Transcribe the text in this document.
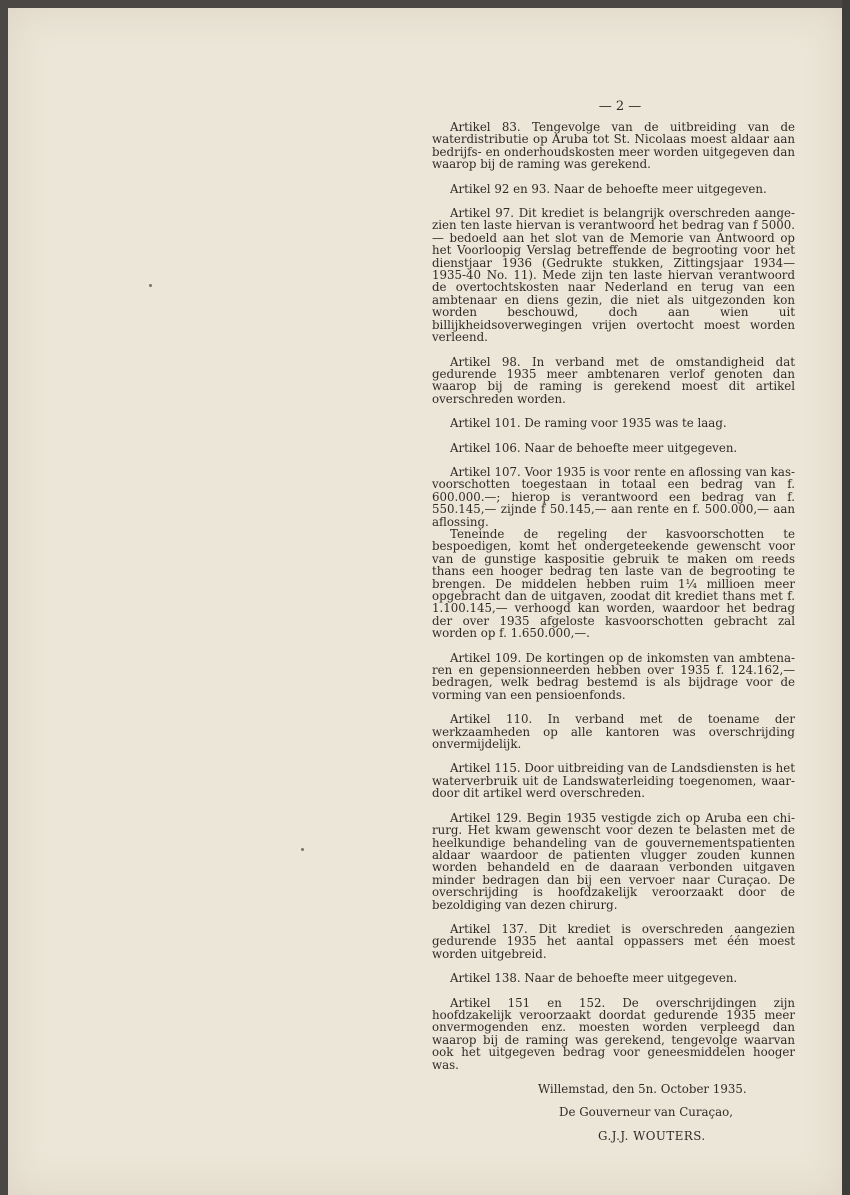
— 2 —

Artikel 83. Tengevolge van de uitbreiding van de waterdistributie op Aruba tot St. Nicolaas moest aldaar aan bedrijfs- en onderhoudskosten meer worden uitgegeven dan waarop bij de raming was gerekend.

Artikel 92 en 93. Naar de behoefte meer uitgegeven.

Artikel 97. Dit krediet is belangrijk overschreden aangezien ten laste hiervan is verantwoord het bedrag van f 5000.— bedoeld aan het slot van de Memorie van Antwoord op het Voorloopig Verslag betreffende de begrooting voor het dienstjaar 1936 (Gedrukte stukken, Zittingsjaar 1934—1935-40 No. 11). Mede zijn ten laste hiervan verantwoord de overtochtskosten naar Nederland en terug van een ambtenaar en diens gezin, die niet als uitgezonden kon worden beschouwd, doch aan wien uit billijkheidsoverwegingen vrijen overtocht moest worden verleend.

Artikel 98. In verband met de omstandigheid dat gedurende 1935 meer ambtenaren verlof genoten dan waarop bij de raming is gerekend moest dit artikel overschreden worden.

Artikel 101. De raming voor 1935 was te laag.

Artikel 106. Naar de behoefte meer uitgegeven.

Artikel 107. Voor 1935 is voor rente en aflossing van kasvoorschotten toegestaan in totaal een bedrag van f. 600.000.—; hierop is verantwoord een bedrag van f. 550.145,— zijnde f 50.145,— aan rente en f. 500.000,— aan aflossing.

Teneinde de regeling der kasvoorschotten te bespoedigen, komt het ondergeteekende gewenscht voor van de gunstige kaspositie gebruik te maken om reeds thans een hooger bedrag ten laste van de begrooting te brengen. De middelen hebben ruim 1¼ millioen meer opgebracht dan de uitgaven, zoodat dit krediet thans met f. 1.100.145,— verhoogd kan worden, waardoor het bedrag der over 1935 afgeloste kasvoorschotten gebracht zal worden op f. 1.650.000,—.

Artikel 109. De kortingen op de inkomsten van ambtenaren en gepensionneerden hebben over 1935 f. 124.162,— bedragen, welk bedrag bestemd is als bijdrage voor de vorming van een pensioenfonds.

Artikel 110. In verband met de toename der werkzaamheden op alle kantoren was overschrijding onvermijdelijk.

Artikel 115. Door uitbreiding van de Landsdiensten is het waterverbruik uit de Landswaterleiding toegenomen, waardoor dit artikel werd overschreden.

Artikel 129. Begin 1935 vestigde zich op Aruba een chirurg. Het kwam gewenscht voor dezen te belasten met de heelkundige behandeling van de gouvernementspatienten aldaar waardoor de patienten vlugger zouden kunnen worden behandeld en de daaraan verbonden uitgaven minder bedragen dan bij een vervoer naar Curaçao. De overschrijding is hoofdzakelijk veroorzaakt door de bezoldiging van dezen chirurg.

Artikel 137. Dit krediet is overschreden aangezien gedurende 1935 het aantal oppassers met één moest worden uitgebreid.

Artikel 138. Naar de behoefte meer uitgegeven.

Artikel 151 en 152. De overschrijdingen zijn hoofdzakelijk veroorzaakt doordat gedurende 1935 meer onvermogenden enz. moesten worden verpleegd dan waarop bij de raming was gerekend, tengevolge waarvan ook het uitgegeven bedrag voor geneesmiddelen hooger was.

Willemstad, den 5n. October 1935.
De Gouverneur van Curaçao,
G.J.J. WOUTERS.
